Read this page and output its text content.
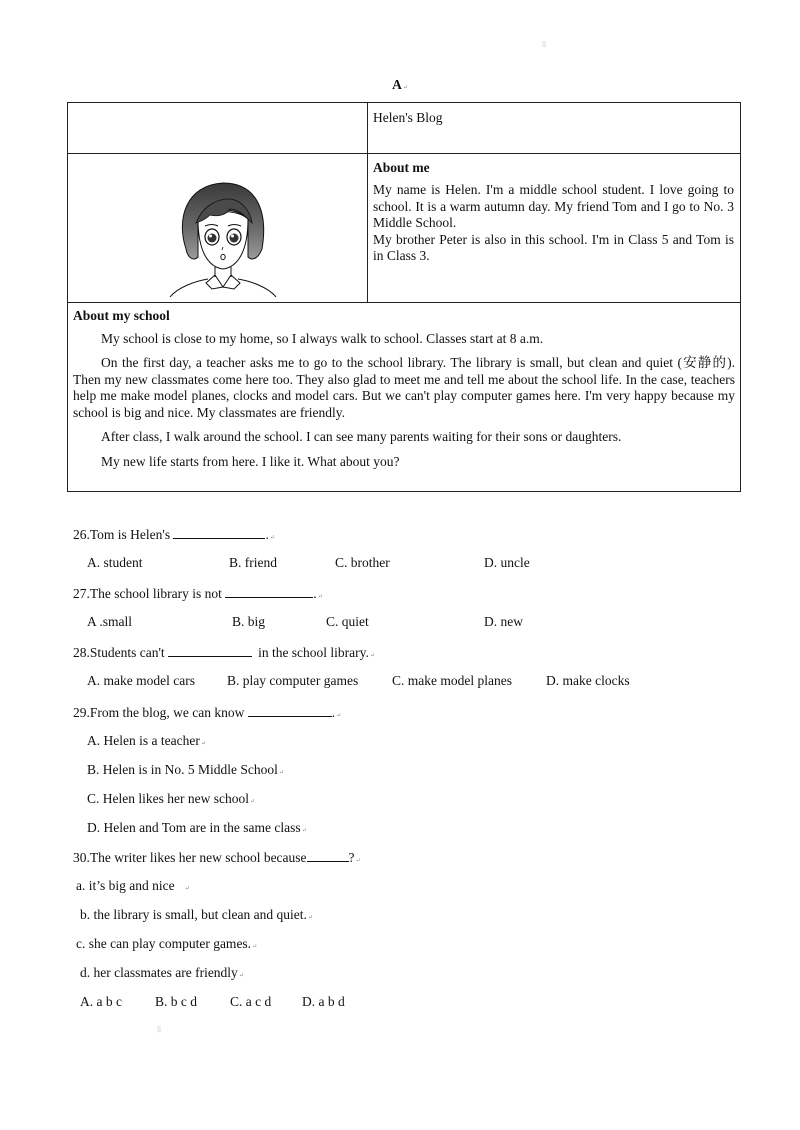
░
░
A↵
Helen's Blog

About me

My name is Helen. I'm a middle school student. I love going to school. It is a warm autumn day. My friend Tom and I go to No. 3 Middle School.
My brother Peter is also in this school. I'm in Class 5 and Tom is in Class 3.

About my school

My school is close to my home, so I always walk to school. Classes start at 8 a.m.

On the first day, a teacher asks me to go to the school library. The library is small, but clean and quiet (安静的). Then my new classmates come here too. They also glad to meet me and tell me about the school life. In the case, teachers help me make model planes, clocks and model cars. But we can't play computer games here. I'm very happy because my school is big and nice. My classmates are friendly.

After class, I walk around the school. I can see many parents waiting for their sons or daughters.

My new life starts from here. I like it. What about you?

26.Tom is Helen's	.↵
A. student	B. friend	C. brother	D. uncle
27.The school library is not	.↵
A .small	B. big	C. quiet	D. new
28.Students can't	in the school library.↵
A. make model cars B. play computer games	C. make model planes	D. make clocks
29.From the blog, we can know	.↵
A. Helen is a teacher↵
B. Helen is in No. 5 Middle School↵
C. Helen likes her new school↵
D. Helen and Tom are in the same class↵
30.The writer likes her new school because	?↵
a. it’s big and nice ↵
b. the library is small, but clean and quiet.↵
c. she can play computer games.↵
d. her classmates are friendly↵
A. a b c B. b c d C. a c d D. a b d
